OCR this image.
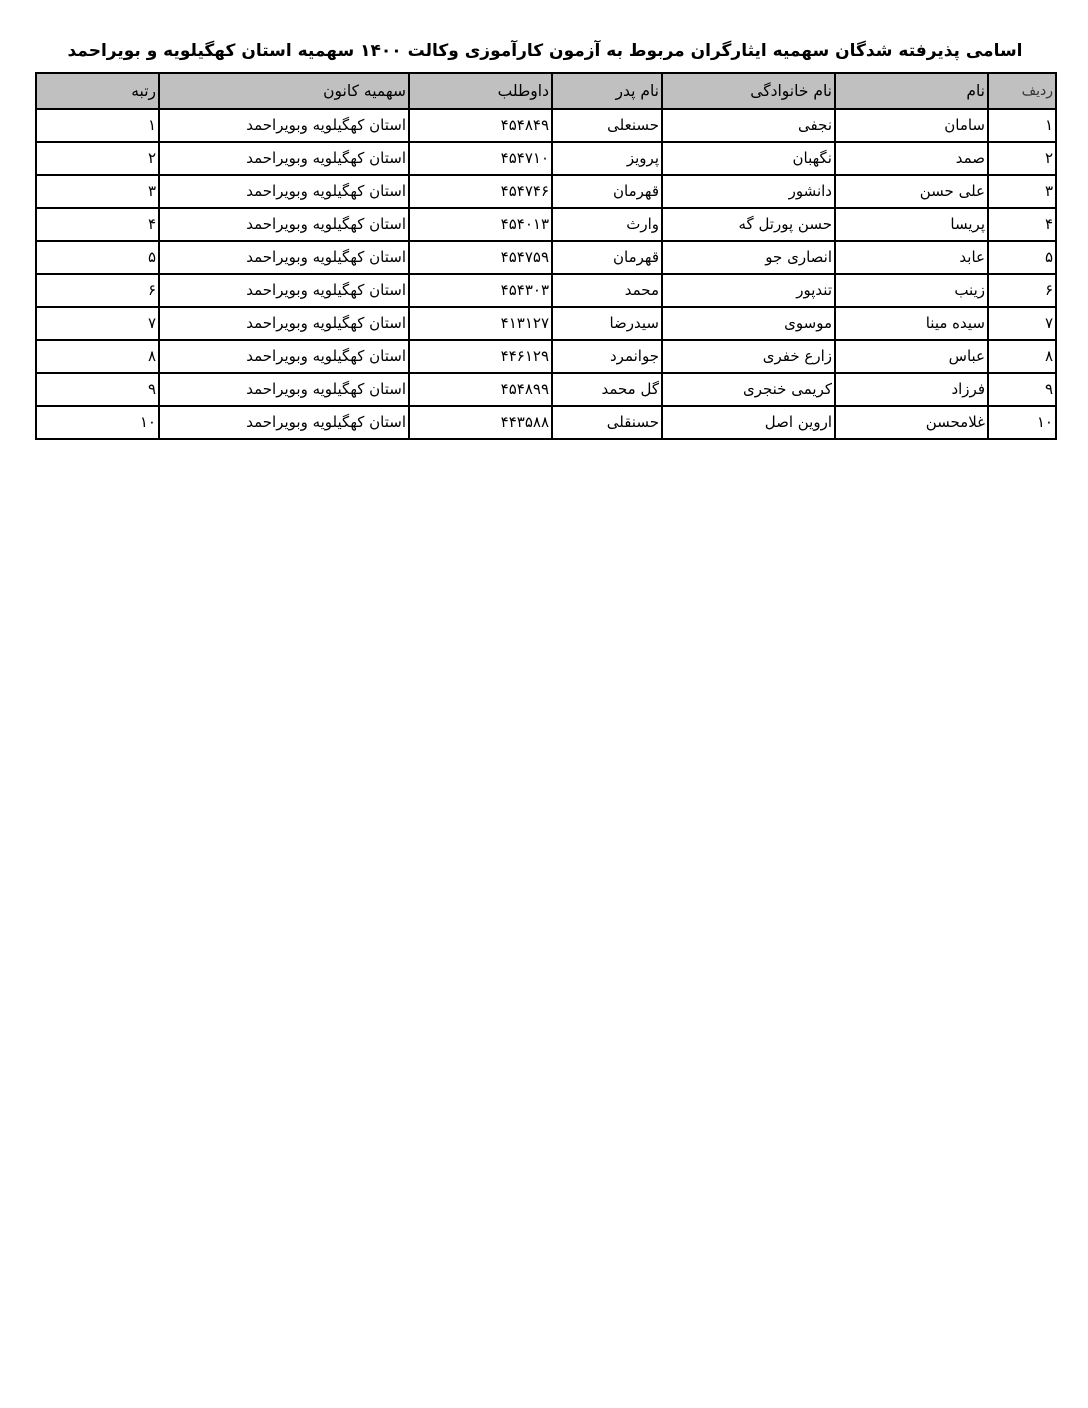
اسامی پذیرفته شدگان سهمیه ایثارگران مربوط به آزمون کارآموزی وکالت ۱۴۰۰ سهمیه استان کهگیلویه و بویراحمد
ردیف	نام	نام خانوادگی	نام پدر	داوطلب	سهمیه کانون	رتبه
۱	سامان	نجفی	حسنعلی	۴۵۴۸۴۹	استان کهگیلویه وبویراحمد	۱
۲	صمد	نگهبان	پرویز	۴۵۴۷۱۰	استان کهگیلویه وبویراحمد	۲
۳	علی حسن	دانشور	قهرمان	۴۵۴۷۴۶	استان کهگیلویه وبویراحمد	۳
۴	پریسا	حسن پورتل گه	وارث	۴۵۴۰۱۳	استان کهگیلویه وبویراحمد	۴
۵	عابد	انصاری جو	قهرمان	۴۵۴۷۵۹	استان کهگیلویه وبویراحمد	۵
۶	زینب	تندپور	محمد	۴۵۴۳۰۳	استان کهگیلویه وبویراحمد	۶
۷	سیده مینا	موسوی	سیدرضا	۴۱۳۱۲۷	استان کهگیلویه وبویراحمد	۷
۸	عباس	زارع خفری	جوانمرد	۴۴۶۱۲۹	استان کهگیلویه وبویراحمد	۸
۹	فرزاد	کریمی خنجری	گل محمد	۴۵۴۸۹۹	استان کهگیلویه وبویراحمد	۹
۱۰	غلامحسن	اروین اصل	حسنقلی	۴۴۳۵۸۸	استان کهگیلویه وبویراحمد	۱۰
